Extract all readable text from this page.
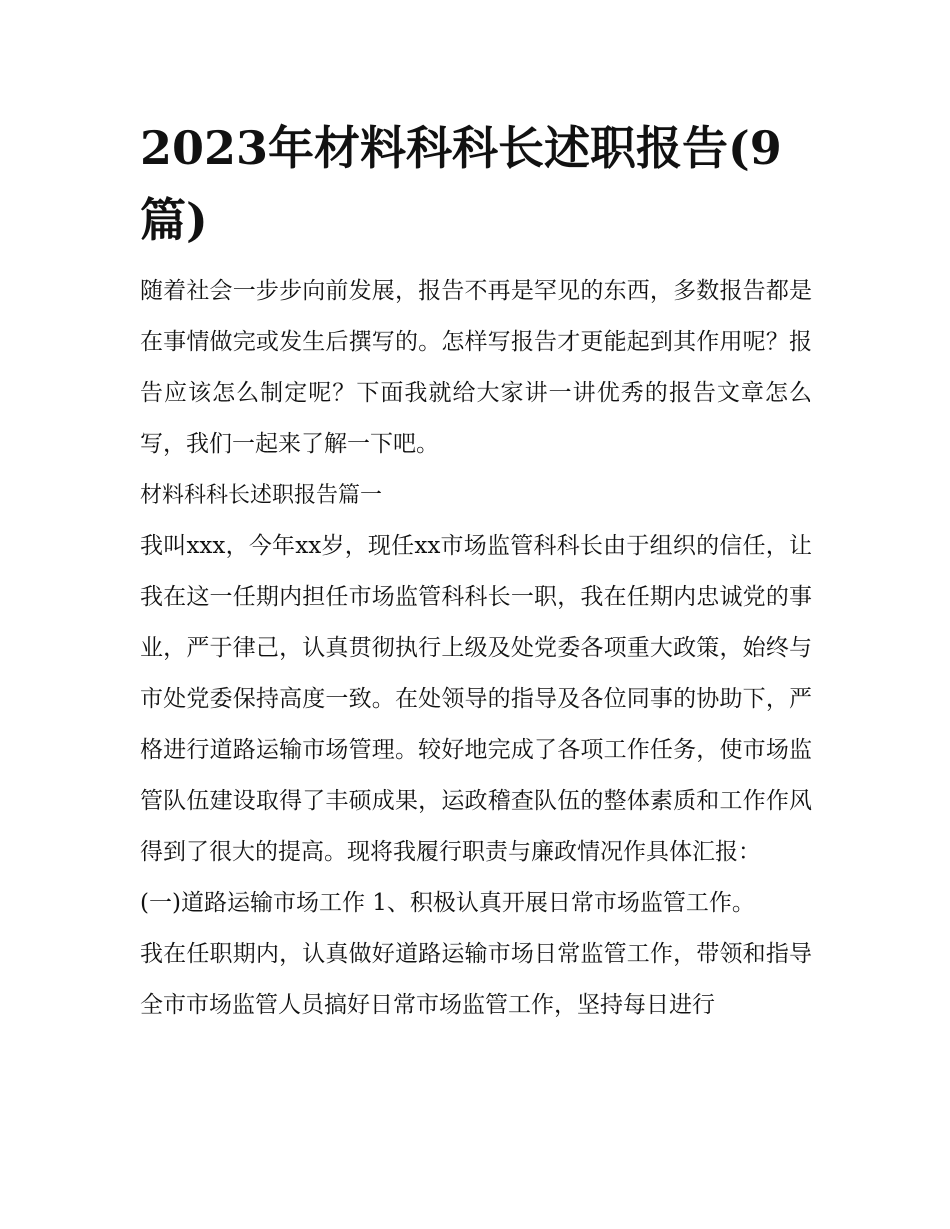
2023年材料科科长述职报告(9篇)

随着社会一步步向前发展，报告不再是罕见的东西，多数报告都是在事情做完或发生后撰写的。怎样写报告才更能起到其作用呢？报告应该怎么制定呢？下面我就给大家讲一讲优秀的报告文章怎么写，我们一起来了解一下吧。

材料科科长述职报告篇一

我叫xxx，今年xx岁，现任xx市场监管科科长由于组织的信任，让我在这一任期内担任市场监管科科长一职，我在任期内忠诚党的事业，严于律己，认真贯彻执行上级及处党委各项重大政策，始终与市处党委保持高度一致。在处领导的指导及各位同事的协助下，严格进行道路运输市场管理。较好地完成了各项工作任务，使市场监管队伍建设取得了丰硕成果，运政稽查队伍的整体素质和工作作风得到了很大的提高。现将我履行职责与廉政情况作具体汇报：

(一)道路运输市场工作 1、积极认真开展日常市场监管工作。

我在任职期内，认真做好道路运输市场日常监管工作，带领和指导全市市场监管人员搞好日常市场监管工作，坚持每日进行
